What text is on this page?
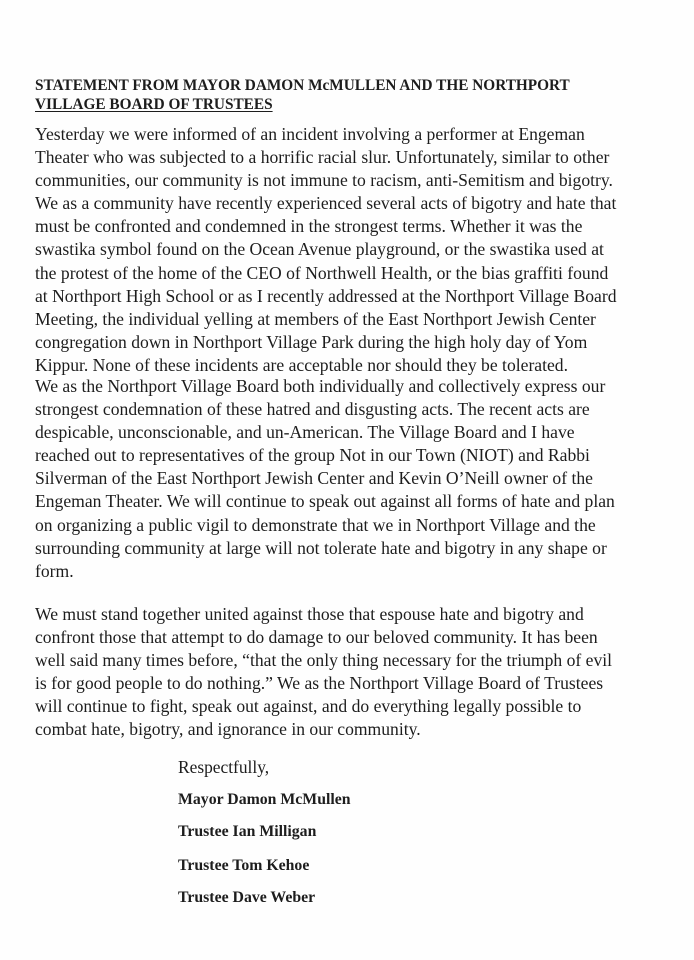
STATEMENT FROM MAYOR DAMON McMULLEN AND THE NORTHPORT
VILLAGE BOARD OF TRUSTEES
Yesterday we were informed of an incident involving a performer at Engeman
Theater who was subjected to a horrific racial slur. Unfortunately, similar to other
communities, our community is not immune to racism, anti-Semitism and bigotry.
We as a community have recently experienced several acts of bigotry and hate that
must be confronted and condemned in the strongest terms. Whether it was the
swastika symbol found on the Ocean Avenue playground, or the swastika used at
the protest of the home of the CEO of Northwell Health, or the bias graffiti found
at Northport High School or as I recently addressed at the Northport Village Board
Meeting, the individual yelling at members of the East Northport Jewish Center
congregation down in Northport Village Park during the high holy day of Yom
Kippur. None of these incidents are acceptable nor should they be tolerated.
We as the Northport Village Board both individually and collectively express our
strongest condemnation of these hatred and disgusting acts. The recent acts are
despicable, unconscionable, and un-American. The Village Board and I have
reached out to representatives of the group Not in our Town (NIOT) and Rabbi
Silverman of the East Northport Jewish Center and Kevin O’Neill owner of the
Engeman Theater. We will continue to speak out against all forms of hate and plan
on organizing a public vigil to demonstrate that we in Northport Village and the
surrounding community at large will not tolerate hate and bigotry in any shape or
form.
We must stand together united against those that espouse hate and bigotry and
confront those that attempt to do damage to our beloved community. It has been
well said many times before, “that the only thing necessary for the triumph of evil
is for good people to do nothing.” We as the Northport Village Board of Trustees
will continue to fight, speak out against, and do everything legally possible to
combat hate, bigotry, and ignorance in our community.
Respectfully,
Mayor Damon McMullen
Trustee Ian Milligan
Trustee Tom Kehoe
Trustee Dave Weber
